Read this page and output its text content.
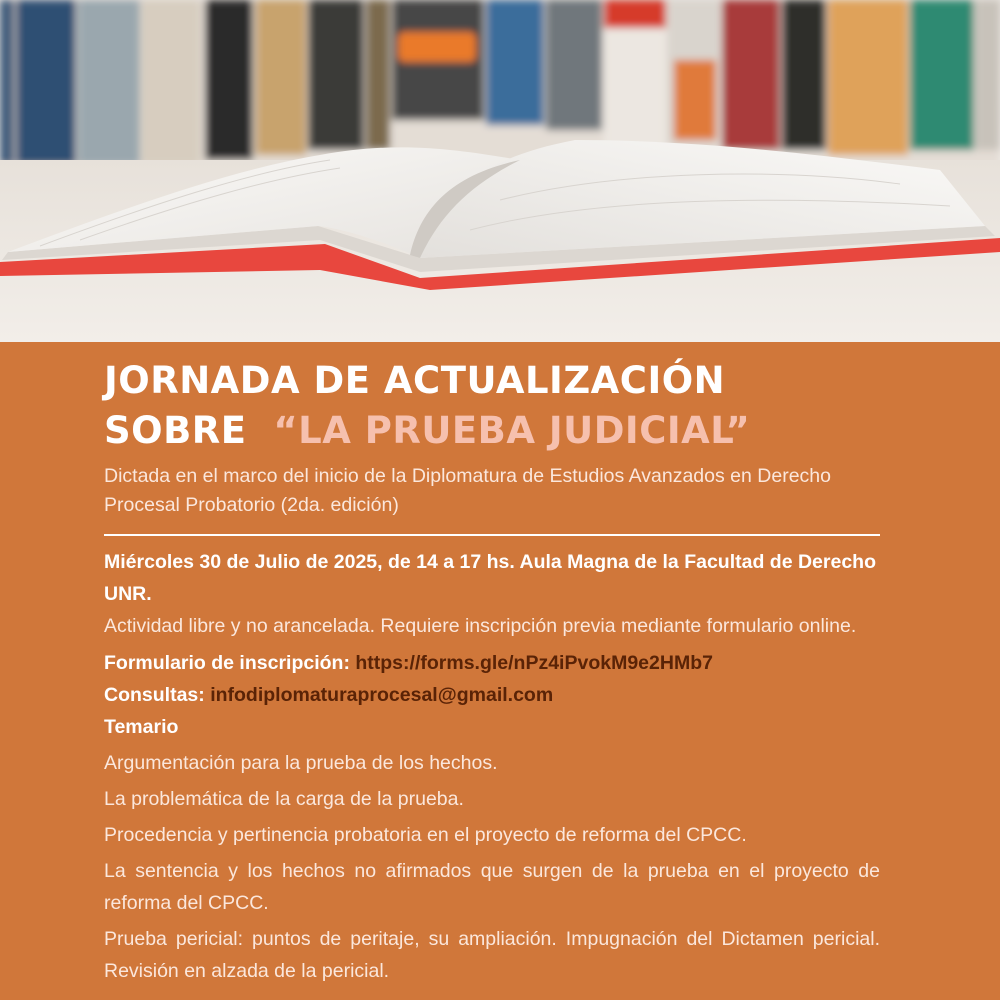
JORNADA DE ACTUALIZACIÓN
SOBRE “LA PRUEBA JUDICIAL”

Dictada en el marco del inicio de la Diplomatura de Estudios Avanzados en Derecho Procesal Probatorio (2da. edición)

Miércoles 30 de Julio de 2025, de 14 a 17 hs. Aula Magna de la Facultad de Derecho UNR.

Actividad libre y no arancelada. Requiere inscripción previa mediante formulario online.

Formulario de inscripción: https://forms.gle/nPz4iPvokM9e2HMb7

Consultas: infodiplomaturaprocesal@gmail.com

Temario

Argumentación para la prueba de los hechos.

La problemática de la carga de la prueba.

Procedencia y pertinencia probatoria en el proyecto de reforma del CPCC.

La sentencia y los hechos no afirmados que surgen de la prueba en el proyecto de reforma del CPCC.

Prueba pericial: puntos de peritaje, su ampliación. Impugnación del Dictamen pericial. Revisión en alzada de la pericial.
